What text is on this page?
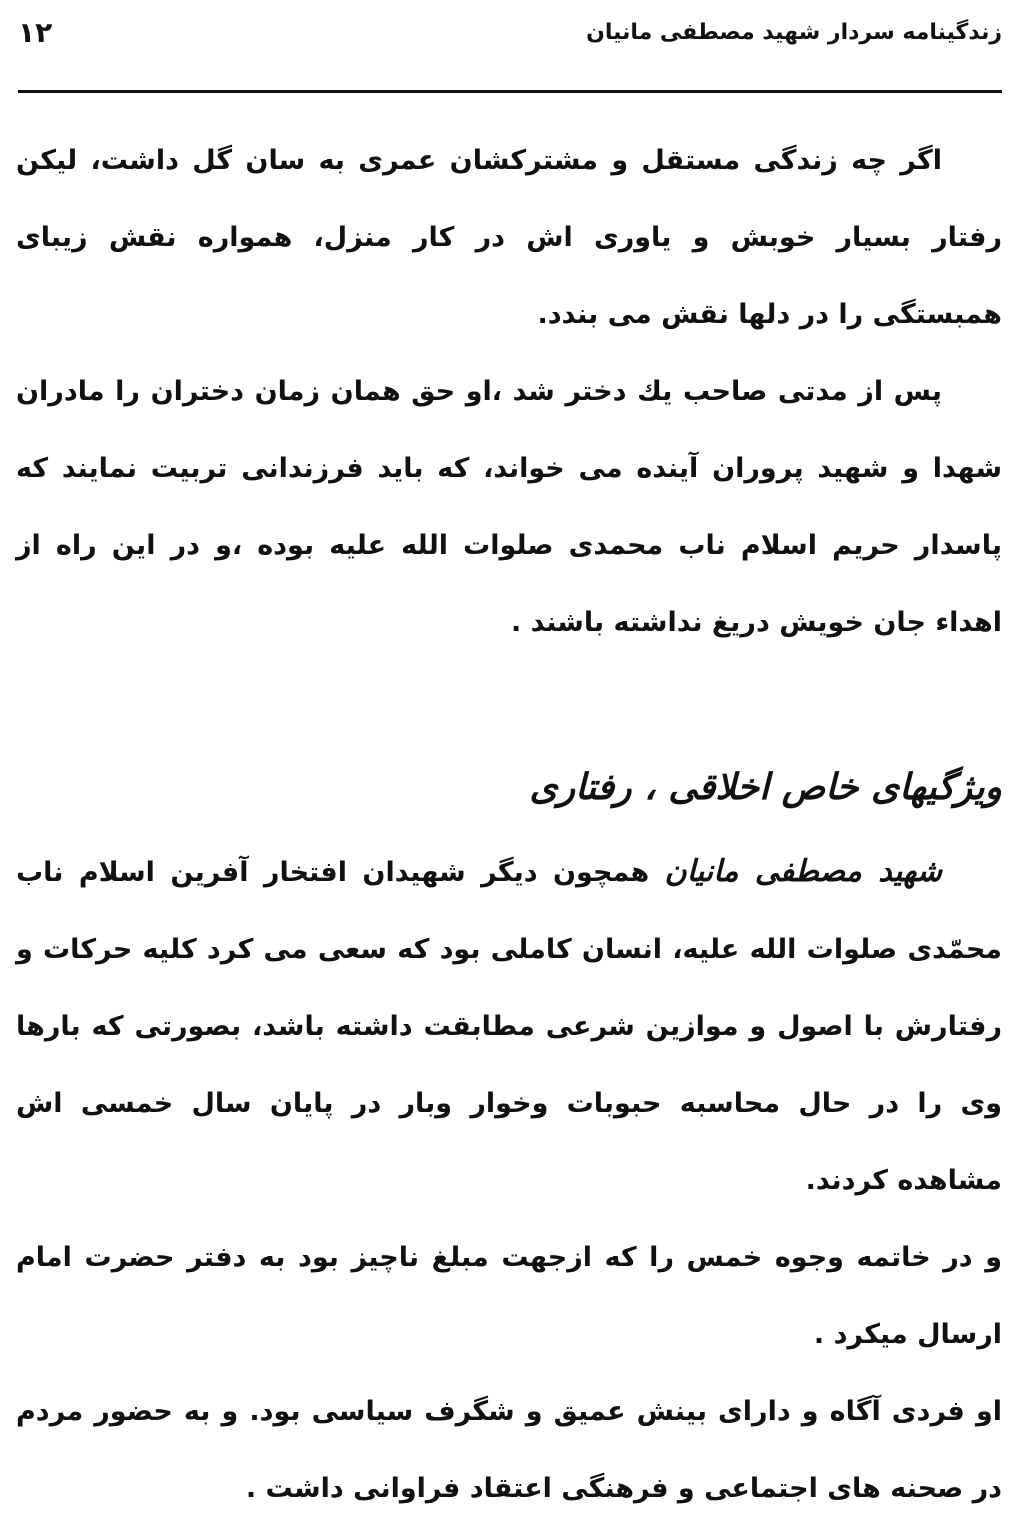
۱۲	زندگینامه سردار شهید مصطفی مانیان

اگر چه زندگی مستقل و مشترکشان عمری به سان گل داشت، لیکن رفتار بسیار خوبش و یاوری اش در کار منزل، همواره نقش زیبای همبستگی را در دلها نقش می بندد.

پس از مدتی صاحب یك دختر شد ،او حق همان زمان دختران را مادران شهدا و شهید پروران آینده می خواند، که باید فرزندانی تربیت نمایند که پاسدار حریم اسلام ناب محمدی صلوات الله علیه بوده ،و در این راه از اهداء جان خویش دریغ نداشته باشند .

ویژگیهای خاص اخلاقی ، رفتاری

شهید مصطفی مانیان همچون دیگر شهیدان افتخار آفرین اسلام ناب محمّدی صلوات الله علیه، انسان کاملی بود که سعی می کرد کلیه حرکات و رفتارش با اصول و موازین شرعی مطابقت داشته باشد، بصورتی که بارها وی را در حال محاسبه حبوبات وخوار وبار در پایان سال خمسی اش مشاهده کردند.

و در خاتمه وجوه خمس را که ازجهت مبلغ ناچیز بود به دفتر حضرت امام ارسال میکرد .

او فردی آگاه و دارای بینش عمیق و شگرف سیاسی بود. و به حضور مردم در صحنه های اجتماعی و فرهنگی اعتقاد فراوانی داشت .
